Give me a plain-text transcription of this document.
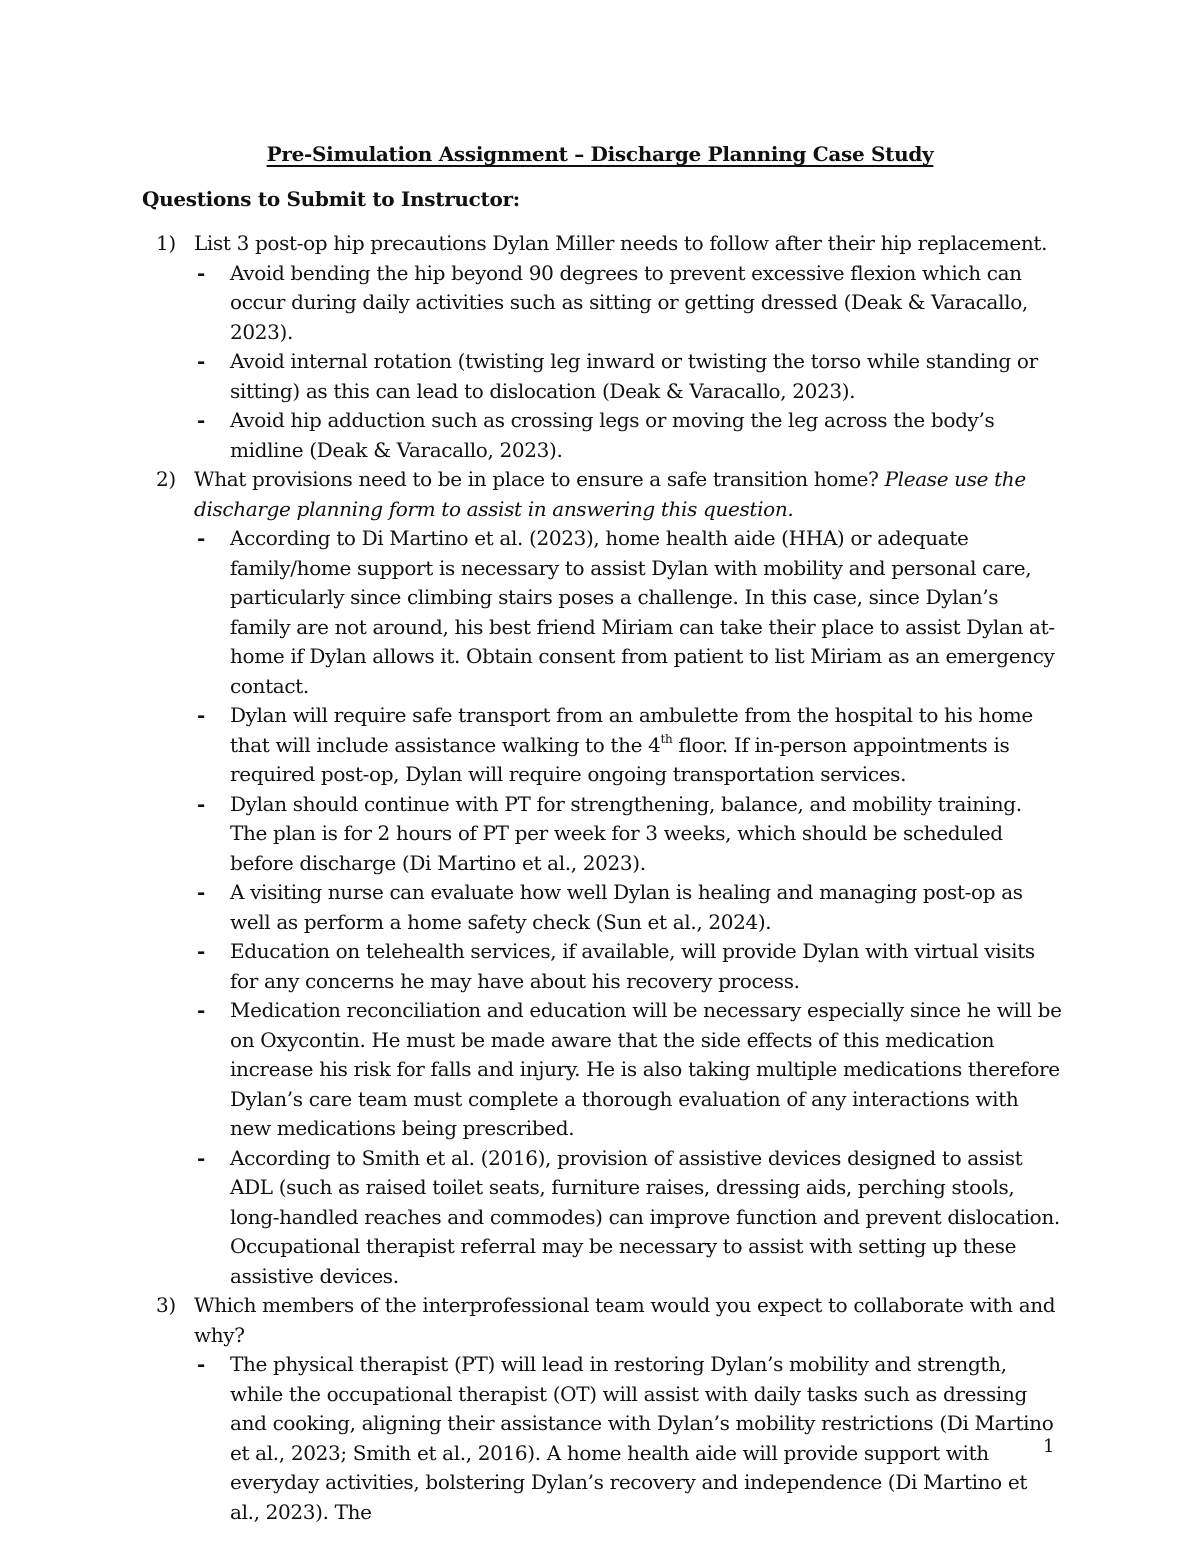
Pre-Simulation Assignment – Discharge Planning Case Study
Questions to Submit to Instructor:
1) List 3 post-op hip precautions Dylan Miller needs to follow after their hip replacement.
- Avoid bending the hip beyond 90 degrees to prevent excessive flexion which can occur during daily activities such as sitting or getting dressed (Deak & Varacallo, 2023).
- Avoid internal rotation (twisting leg inward or twisting the torso while standing or sitting) as this can lead to dislocation (Deak & Varacallo, 2023).
- Avoid hip adduction such as crossing legs or moving the leg across the body’s midline (Deak & Varacallo, 2023).
2) What provisions need to be in place to ensure a safe transition home? Please use the discharge planning form to assist in answering this question.
- According to Di Martino et al. (2023), home health aide (HHA) or adequate family/home support is necessary to assist Dylan with mobility and personal care, particularly since climbing stairs poses a challenge. In this case, since Dylan’s family are not around, his best friend Miriam can take their place to assist Dylan at-home if Dylan allows it. Obtain consent from patient to list Miriam as an emergency contact.
- Dylan will require safe transport from an ambulette from the hospital to his home that will include assistance walking to the 4th floor. If in-person appointments is required post-op, Dylan will require ongoing transportation services.
- Dylan should continue with PT for strengthening, balance, and mobility training. The plan is for 2 hours of PT per week for 3 weeks, which should be scheduled before discharge (Di Martino et al., 2023).
- A visiting nurse can evaluate how well Dylan is healing and managing post-op as well as perform a home safety check (Sun et al., 2024).
- Education on telehealth services, if available, will provide Dylan with virtual visits for any concerns he may have about his recovery process.
- Medication reconciliation and education will be necessary especially since he will be on Oxycontin. He must be made aware that the side effects of this medication increase his risk for falls and injury. He is also taking multiple medications therefore Dylan’s care team must complete a thorough evaluation of any interactions with new medications being prescribed.
- According to Smith et al. (2016), provision of assistive devices designed to assist ADL (such as raised toilet seats, furniture raises, dressing aids, perching stools, long-handled reaches and commodes) can improve function and prevent dislocation. Occupational therapist referral may be necessary to assist with setting up these assistive devices.
3) Which members of the interprofessional team would you expect to collaborate with and why?
- The physical therapist (PT) will lead in restoring Dylan’s mobility and strength, while the occupational therapist (OT) will assist with daily tasks such as dressing and cooking, aligning their assistance with Dylan’s mobility restrictions (Di Martino et al., 2023; Smith et al., 2016). A home health aide will provide support with everyday activities, bolstering Dylan’s recovery and independence (Di Martino et al., 2023). The
1
